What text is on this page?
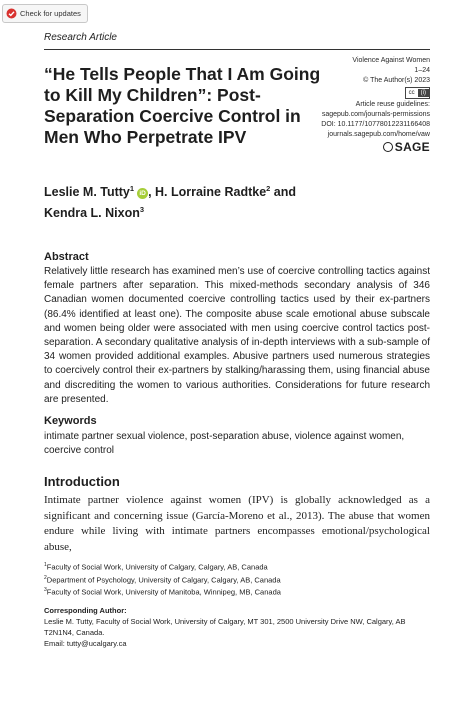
Check for updates
Research Article
“He Tells People That I Am Going to Kill My Children”: Post-Separation Coercive Control in Men Who Perpetrate IPV
Violence Against Women
1–24
© The Author(s) 2023
cc	(i)
Article reuse guidelines:
sagepub.com/journals-permissions
DOI: 10.1177/10778012231166408
journals.sagepub.com/home/vaw
SAGE
Leslie M. Tutty$^1$iD , H. Lorraine Radtke$^2$ and
Kendra L. Nixon$^3$
Abstract

Relatively little research has examined men’s use of coercive controlling tactics against female partners after separation. This mixed-methods secondary analysis of 346 Canadian women documented coercive controlling tactics used by their ex-partners (86.4% identified at least one). The composite abuse scale emotional abuse subscale and women being older were associated with men using coercive control tactics post-separation. A secondary qualitative analysis of in-depth interviews with a sub-sample of 34 women provided additional examples. Abusive partners used numerous strategies to coercively control their ex-partners by stalking/harassing them, using financial abuse and discrediting the women to various authorities. Considerations for future research are presented.

Keywords

intimate partner sexual violence, post-separation abuse, violence against women, coercive control

Introduction

Intimate partner violence against women (IPV) is globally acknowledged as a significant and concerning issue (García-Moreno et al., 2013). The abuse that women endure while living with intimate partners encompasses emotional/psychological abuse,

$^1$Faculty of Social Work, University of Calgary, Calgary, AB, Canada
$^2$Department of Psychology, University of Calgary, Calgary, AB, Canada
$^3$Faculty of Social Work, University of Manitoba, Winnipeg, MB, Canada
Corresponding Author:
Leslie M. Tutty, Faculty of Social Work, University of Calgary, MT 301, 2500 University Drive NW, Calgary, AB T2N1N4, Canada.
Email: tutty@ucalgary.ca
